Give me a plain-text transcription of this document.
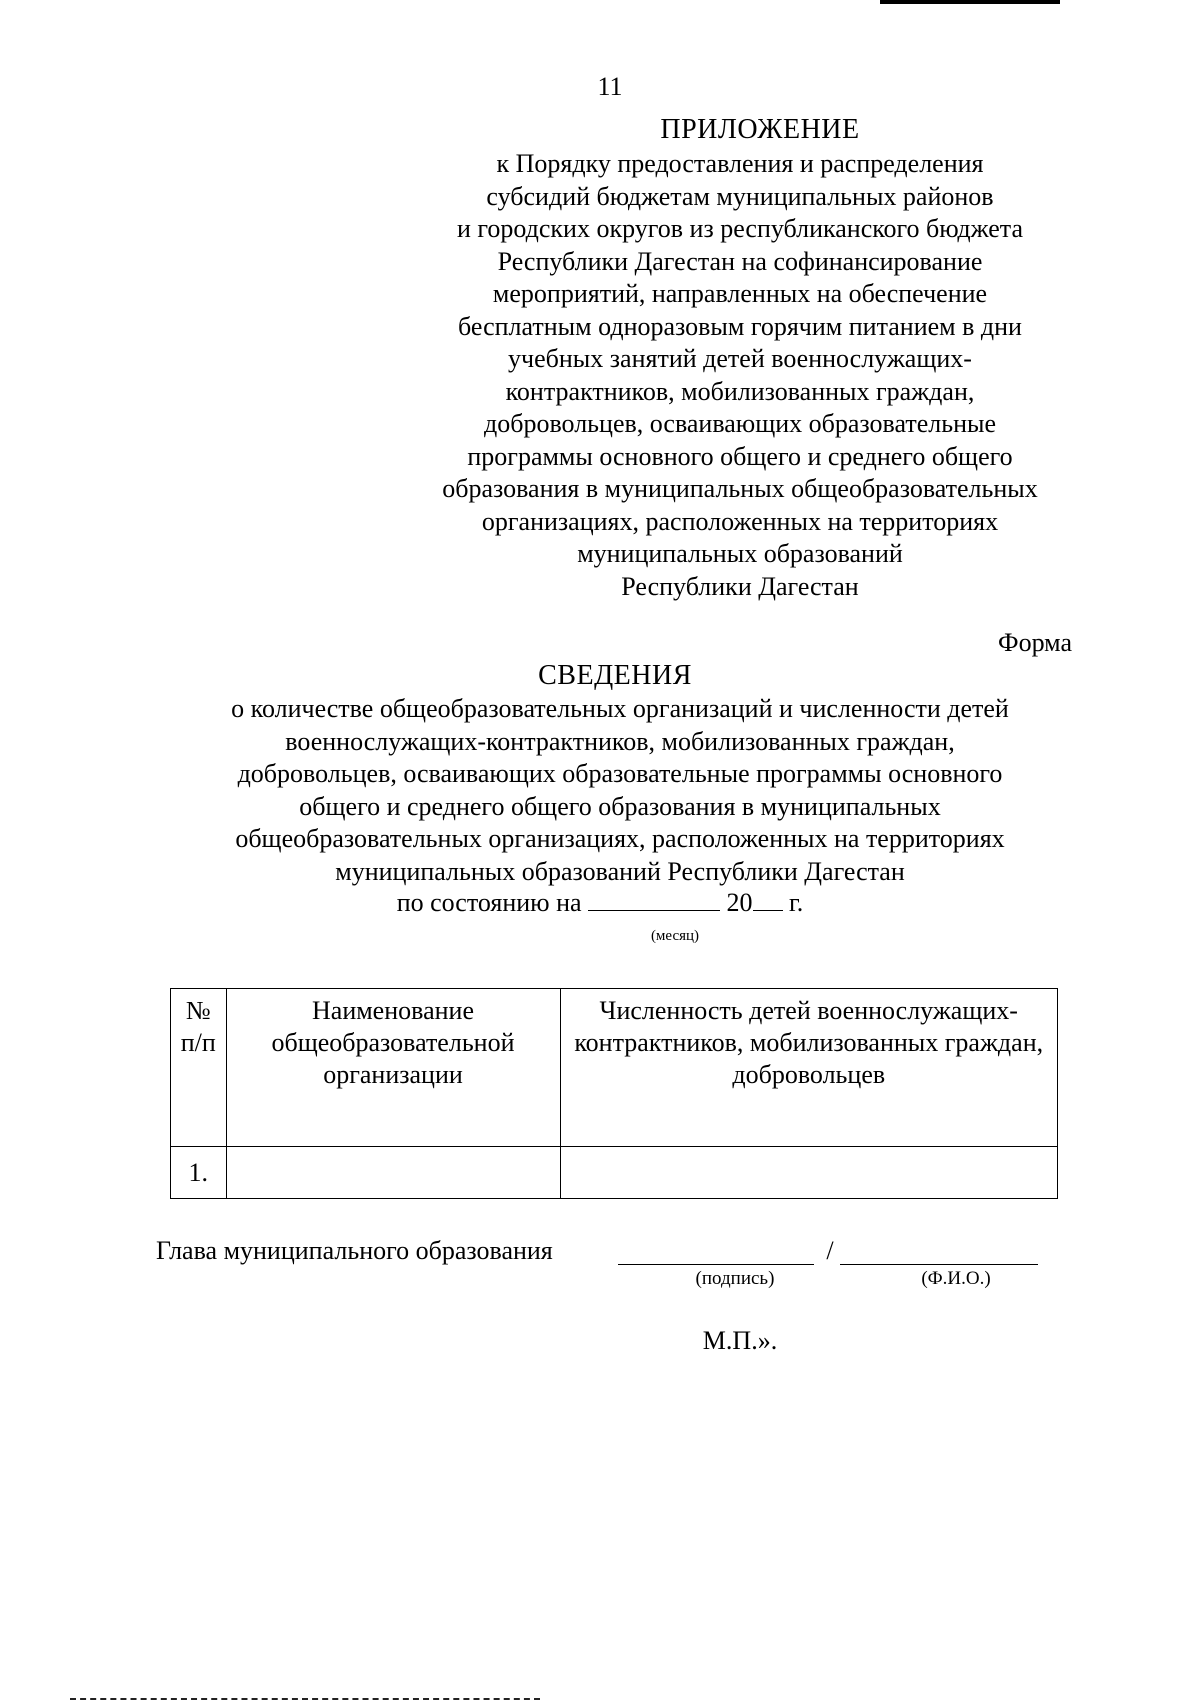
11
ПРИЛОЖЕНИЕ
к Порядку предоставления и распределения
субсидий бюджетам муниципальных районов
и городских округов из республиканского бюджета
Республики Дагестан на софинансирование
мероприятий, направленных на обеспечение
бесплатным одноразовым горячим питанием в дни
учебных занятий детей военнослужащих-
контрактников, мобилизованных граждан,
добровольцев, осваивающих образовательные
программы основного общего и среднего общего
образования в муниципальных общеобразовательных
организациях, расположенных на территориях
муниципальных образований
Республики Дагестан
Форма
СВЕДЕНИЯ
о количестве общеобразовательных организаций и численности детей
военнослужащих-контрактников, мобилизованных граждан,
добровольцев, осваивающих образовательные программы основного
общего и среднего общего образования в муниципальных
общеобразовательных организациях, расположенных на территориях
муниципальных образований Республики Дагестан
по состоянию на	20 г.
(месяц)
№ п/п	Наименование общеобразовательной организации	Численность детей военнослужащих-контрактников, мобилизованных граждан, добровольцев
1.		
Глава муниципального образования	/
(подпись)	(Ф.И.О.)
М.П.».
